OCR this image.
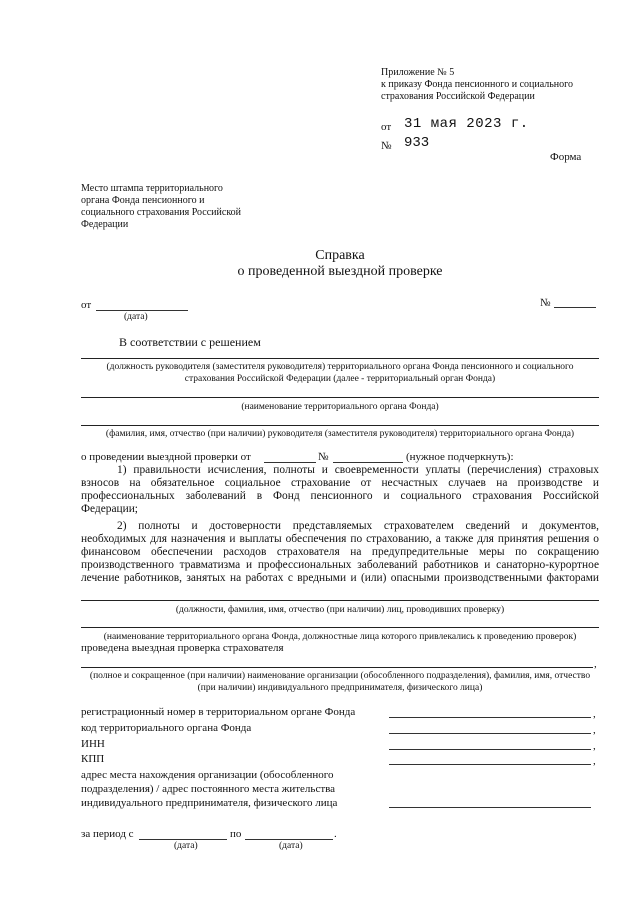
Приложение № 5
к приказу Фонда пенсионного и социального
страхования Российской Федерации
от 31 мая 2023 г.
№ 933
Форма
Место штампа территориального
органа Фонда пенсионного и
социального страхования Российской
Федерации
Справка
о проведенной выездной проверке
от
(дата)
№
В соответствии с решением
(должность руководителя (заместителя руководителя) территориального органа Фонда пенсионного и социального
страхования Российской Федерации (далее - территориальный орган Фонда)
(наименование территориального органа Фонда)
(фамилия, имя, отчество (при наличии) руководителя (заместителя руководителя) территориального органа Фонда)
о проведении выездной проверки от	№	(нужное подчеркнуть):
1) правильности исчисления, полноты и своевременности уплаты (перечисления) страховых
взносов на обязательное социальное страхование от несчастных случаев на производстве и
профессиональных заболеваний в Фонд пенсионного и социального страхования Российской
Федерации;
2) полноты и достоверности представляемых страхователем сведений и документов,
необходимых для назначения и выплаты обеспечения по страхованию, а также для принятия решения о
финансовом обеспечении расходов страхователя на предупредительные меры по сокращению
производственного травматизма и профессиональных заболеваний работников и санаторно-курортное
лечение работников, занятых на работах с вредными и (или) опасными производственными факторами
(должности, фамилия, имя, отчество (при наличии) лиц, проводивших проверку)
(наименование территориального органа Фонда, должностные лица которого привлекались к проведению проверок)
проведена выездная проверка страхователя
,
(полное и сокращенное (при наличии) наименование организации (обособленного подразделения), фамилия, имя, отчество
(при наличии) индивидуального предпринимателя, физического лица)
регистрационный номер в территориальном органе Фонда	,
код территориального органа Фонда	,
ИНН	,
КПП	,
адрес места нахождения организации (обособленного
подразделения) / адрес постоянного места жительства
индивидуального предпринимателя, физического лица
за период с
(дата)
по	.
(дата)
